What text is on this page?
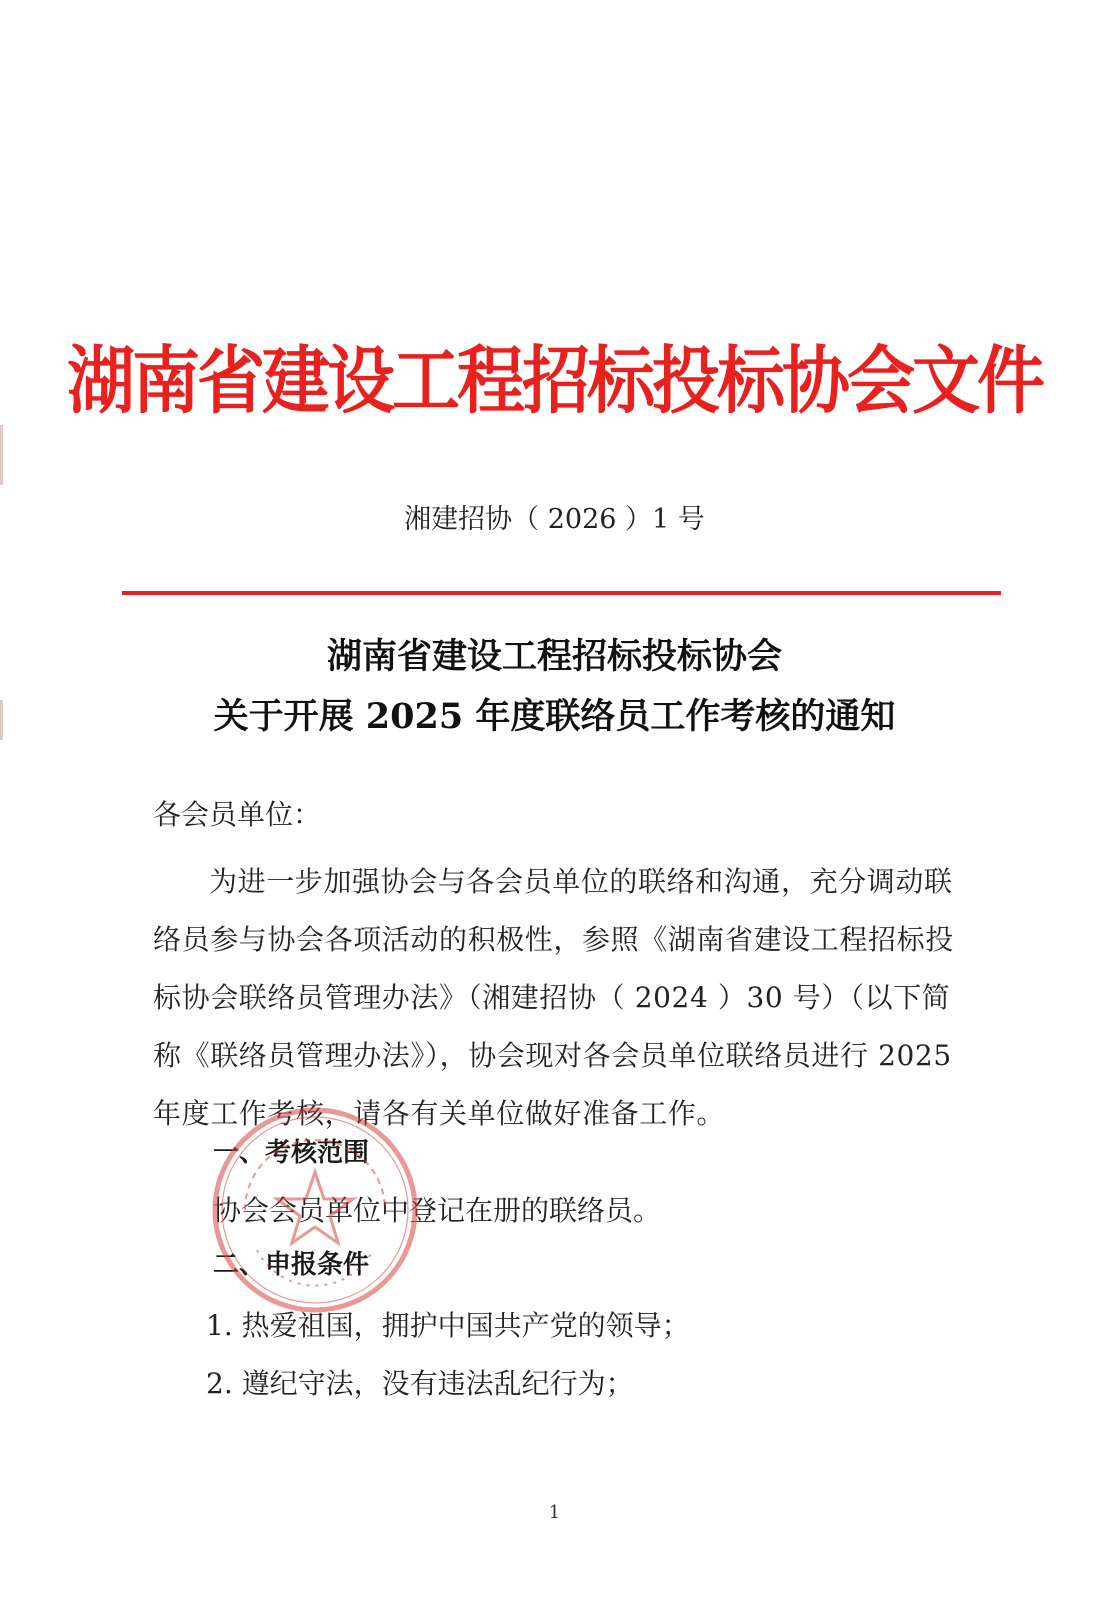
湖南省建设工程招标投标协会文件
湘建招协（ 2026 ）1 号
湖南省建设工程招标投标协会
关于开展 2025 年度联络员工作考核的通知
各会员单位：
为进一步加强协会与各会员单位的联络和沟通，充分调动联络员参与协会各项活动的积极性，参照《湖南省建设工程招标投标协会联络员管理办法》（湘建招协（ 2024 ）30 号）（以下简称《联络员管理办法》），协会现对各会员单位联络员进行 2025 年度工作考核，请各有关单位做好准备工作。
一、考核范围
协会会员单位中登记在册的联络员。
二、申报条件
1. 热爱祖国，拥护中国共产党的领导；
2. 遵纪守法，没有违法乱纪行为；
1
